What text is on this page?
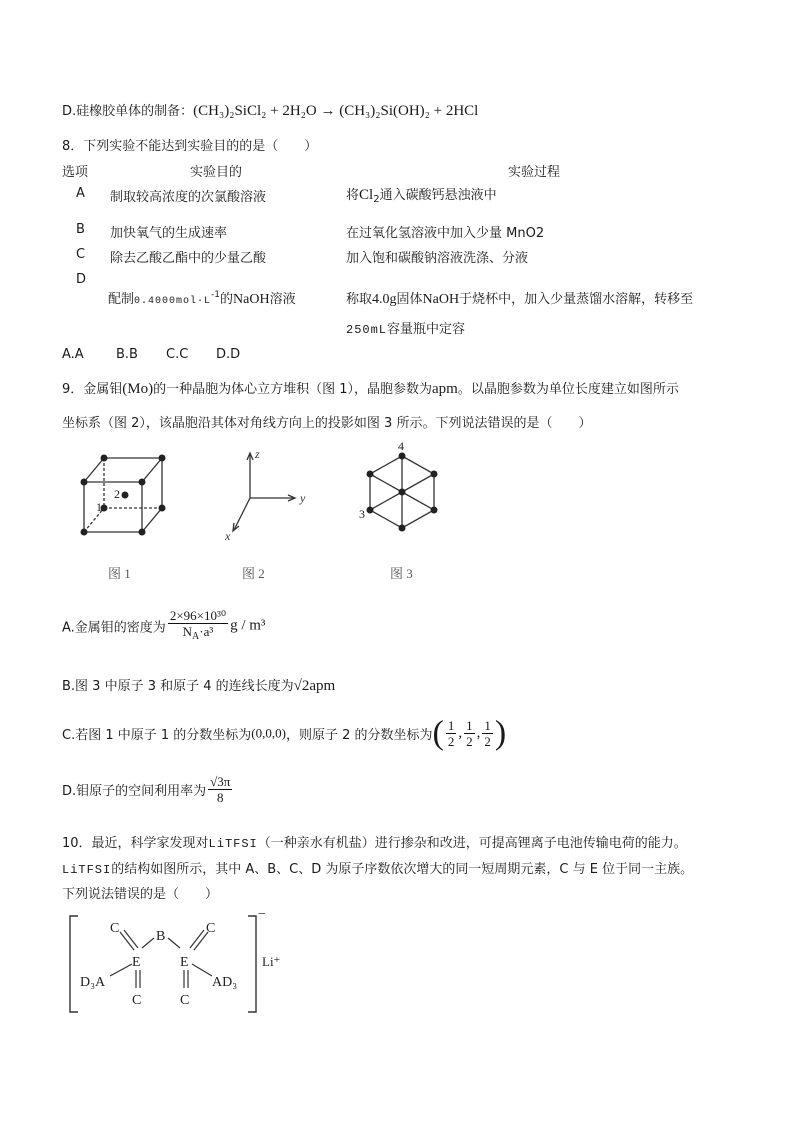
D.硅橡胶单体的制备：(CH₃)₂SiCl₂ + 2H₂O → (CH₃)₂Si(OH)₂ + 2HCl
8．下列实验不能达到实验目的的是（　　）
选项	实验目的	实验过程
A 制取较高浓度的次氯酸溶液	将$Cl_2$通入碳酸钙悬浊液中
B 加快氧气的生成速率	在过氧化氢溶液中加入少量 MnO2
C 除去乙酸乙酯中的少量乙酸	加入饱和碳酸钠溶液洗涤、分液
D
配制$0.4000mol\cdot L^{-1}$的NaOH溶液	称取4.0g固体NaOH于烧杯中，加入少量蒸馏水溶解，转移至
250mL容量瓶中定容
A.A B.B C.C D.D
9．金属钼(Mo)的一种晶胞为体心立方堆积（图 1），晶胞参数为apm。以晶胞参数为单位长度建立如图所示
坐标系（图 2），该晶胞沿其体对角线方向上的投影如图 3 所示。下列说法错误的是（　　）
1
2
z
y
x
4
3
图 1	图 2	图 3
A.金属钼的密度为 $\frac{\text{2×96×10³⁰}}{N_A\cdot a^3}$ g / m³
B.图 3 中原子 3 和原子 4 的连线长度为√2apm
C.若图 1 中原子 1 的分数坐标为(0,0,0)，则原子 2 的分数坐标为( $\frac{1}{2}$ , $\frac{1}{2}$ , $\frac{1}{2}$ )
D.钼原子的空间利用率为 $\frac{√3\pi}{8}$
10．最近，科学家发现对LiTFSI（一种亲水有机盐）进行掺杂和改进，可提高锂离子电池传输电荷的能力。
LiTFSI的结构如图所示，其中 A、B、C、D 为原子序数依次增大的同一短周期元素，C 与 E 位于同一主族。
下列说法错误的是（　　）
C
B
C
E	E
D₃A	AD₃
C	C
−
Li⁺
